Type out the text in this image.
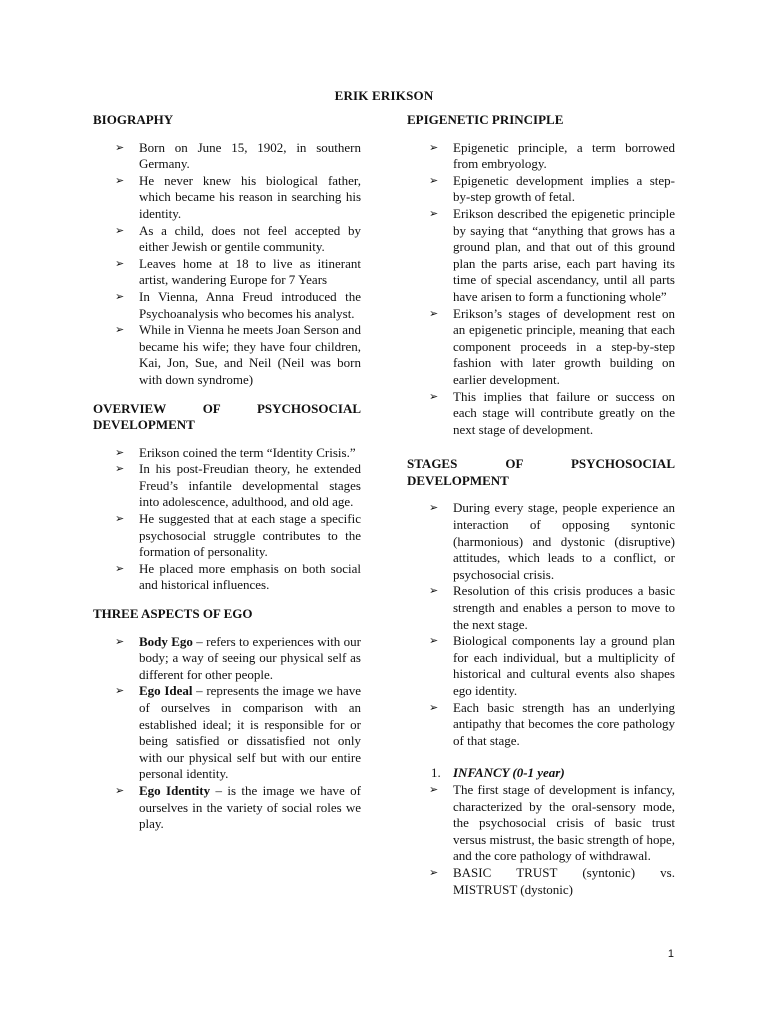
ERIK ERIKSON
BIOGRAPHY
➢ Born on June 15, 1902, in southern Germany.
➢ He never knew his biological father, which became his reason in searching his identity.
➢ As a child, does not feel accepted by either Jewish or gentile community.
➢ Leaves home at 18 to live as itinerant artist, wandering Europe for 7 Years
➢ In Vienna, Anna Freud introduced the Psychoanalysis who becomes his analyst.
➢ While in Vienna he meets Joan Serson and became his wife; they have four children, Kai, Jon, Sue, and Neil (Neil was born with down syndrome)
OVERVIEW OF PSYCHOSOCIAL DEVELOPMENT
➢ Erikson coined the term “Identity Crisis.”
➢ In his post-Freudian theory, he extended Freud’s infantile developmental stages into adolescence, adulthood, and old age.
➢ He suggested that at each stage a specific psychosocial struggle contributes to the formation of personality.
➢ He placed more emphasis on both social and historical influences.
THREE ASPECTS OF EGO
➢ Body Ego – refers to experiences with our body; a way of seeing our physical self as different for other people.
➢ Ego Ideal – represents the image we have of ourselves in comparison with an established ideal; it is responsible for or being satisfied or dissatisfied not only with our physical self but with our entire personal identity.
➢ Ego Identity – is the image we have of ourselves in the variety of social roles we play.
EPIGENETIC PRINCIPLE
➢ Epigenetic principle, a term borrowed from embryology.
➢ Epigenetic development implies a step-by-step growth of fetal.
➢ Erikson described the epigenetic principle by saying that “anything that grows has a ground plan, and that out of this ground plan the parts arise, each part having its time of special ascendancy, until all parts have arisen to form a functioning whole”
➢ Erikson’s stages of development rest on an epigenetic principle, meaning that each component proceeds in a step-by-step fashion with later growth building on earlier development.
➢ This implies that failure or success on each stage will contribute greatly on the next stage of development.
STAGES OF PSYCHOSOCIAL DEVELOPMENT
➢ During every stage, people experience an interaction of opposing syntonic (harmonious) and dystonic (disruptive) attitudes, which leads to a conflict, or psychosocial crisis.
➢ Resolution of this crisis produces a basic strength and enables a person to move to the next stage.
➢ Biological components lay a ground plan for each individual, but a multiplicity of historical and cultural events also shapes ego identity.
➢ Each basic strength has an underlying antipathy that becomes the core pathology of that stage.
1. INFANCY (0-1 year)
➢ The first stage of development is infancy, characterized by the oral-sensory mode, the psychosocial crisis of basic trust versus mistrust, the basic strength of hope, and the core pathology of withdrawal.
➢ BASIC TRUST (syntonic) vs. MISTRUST (dystonic)
1
